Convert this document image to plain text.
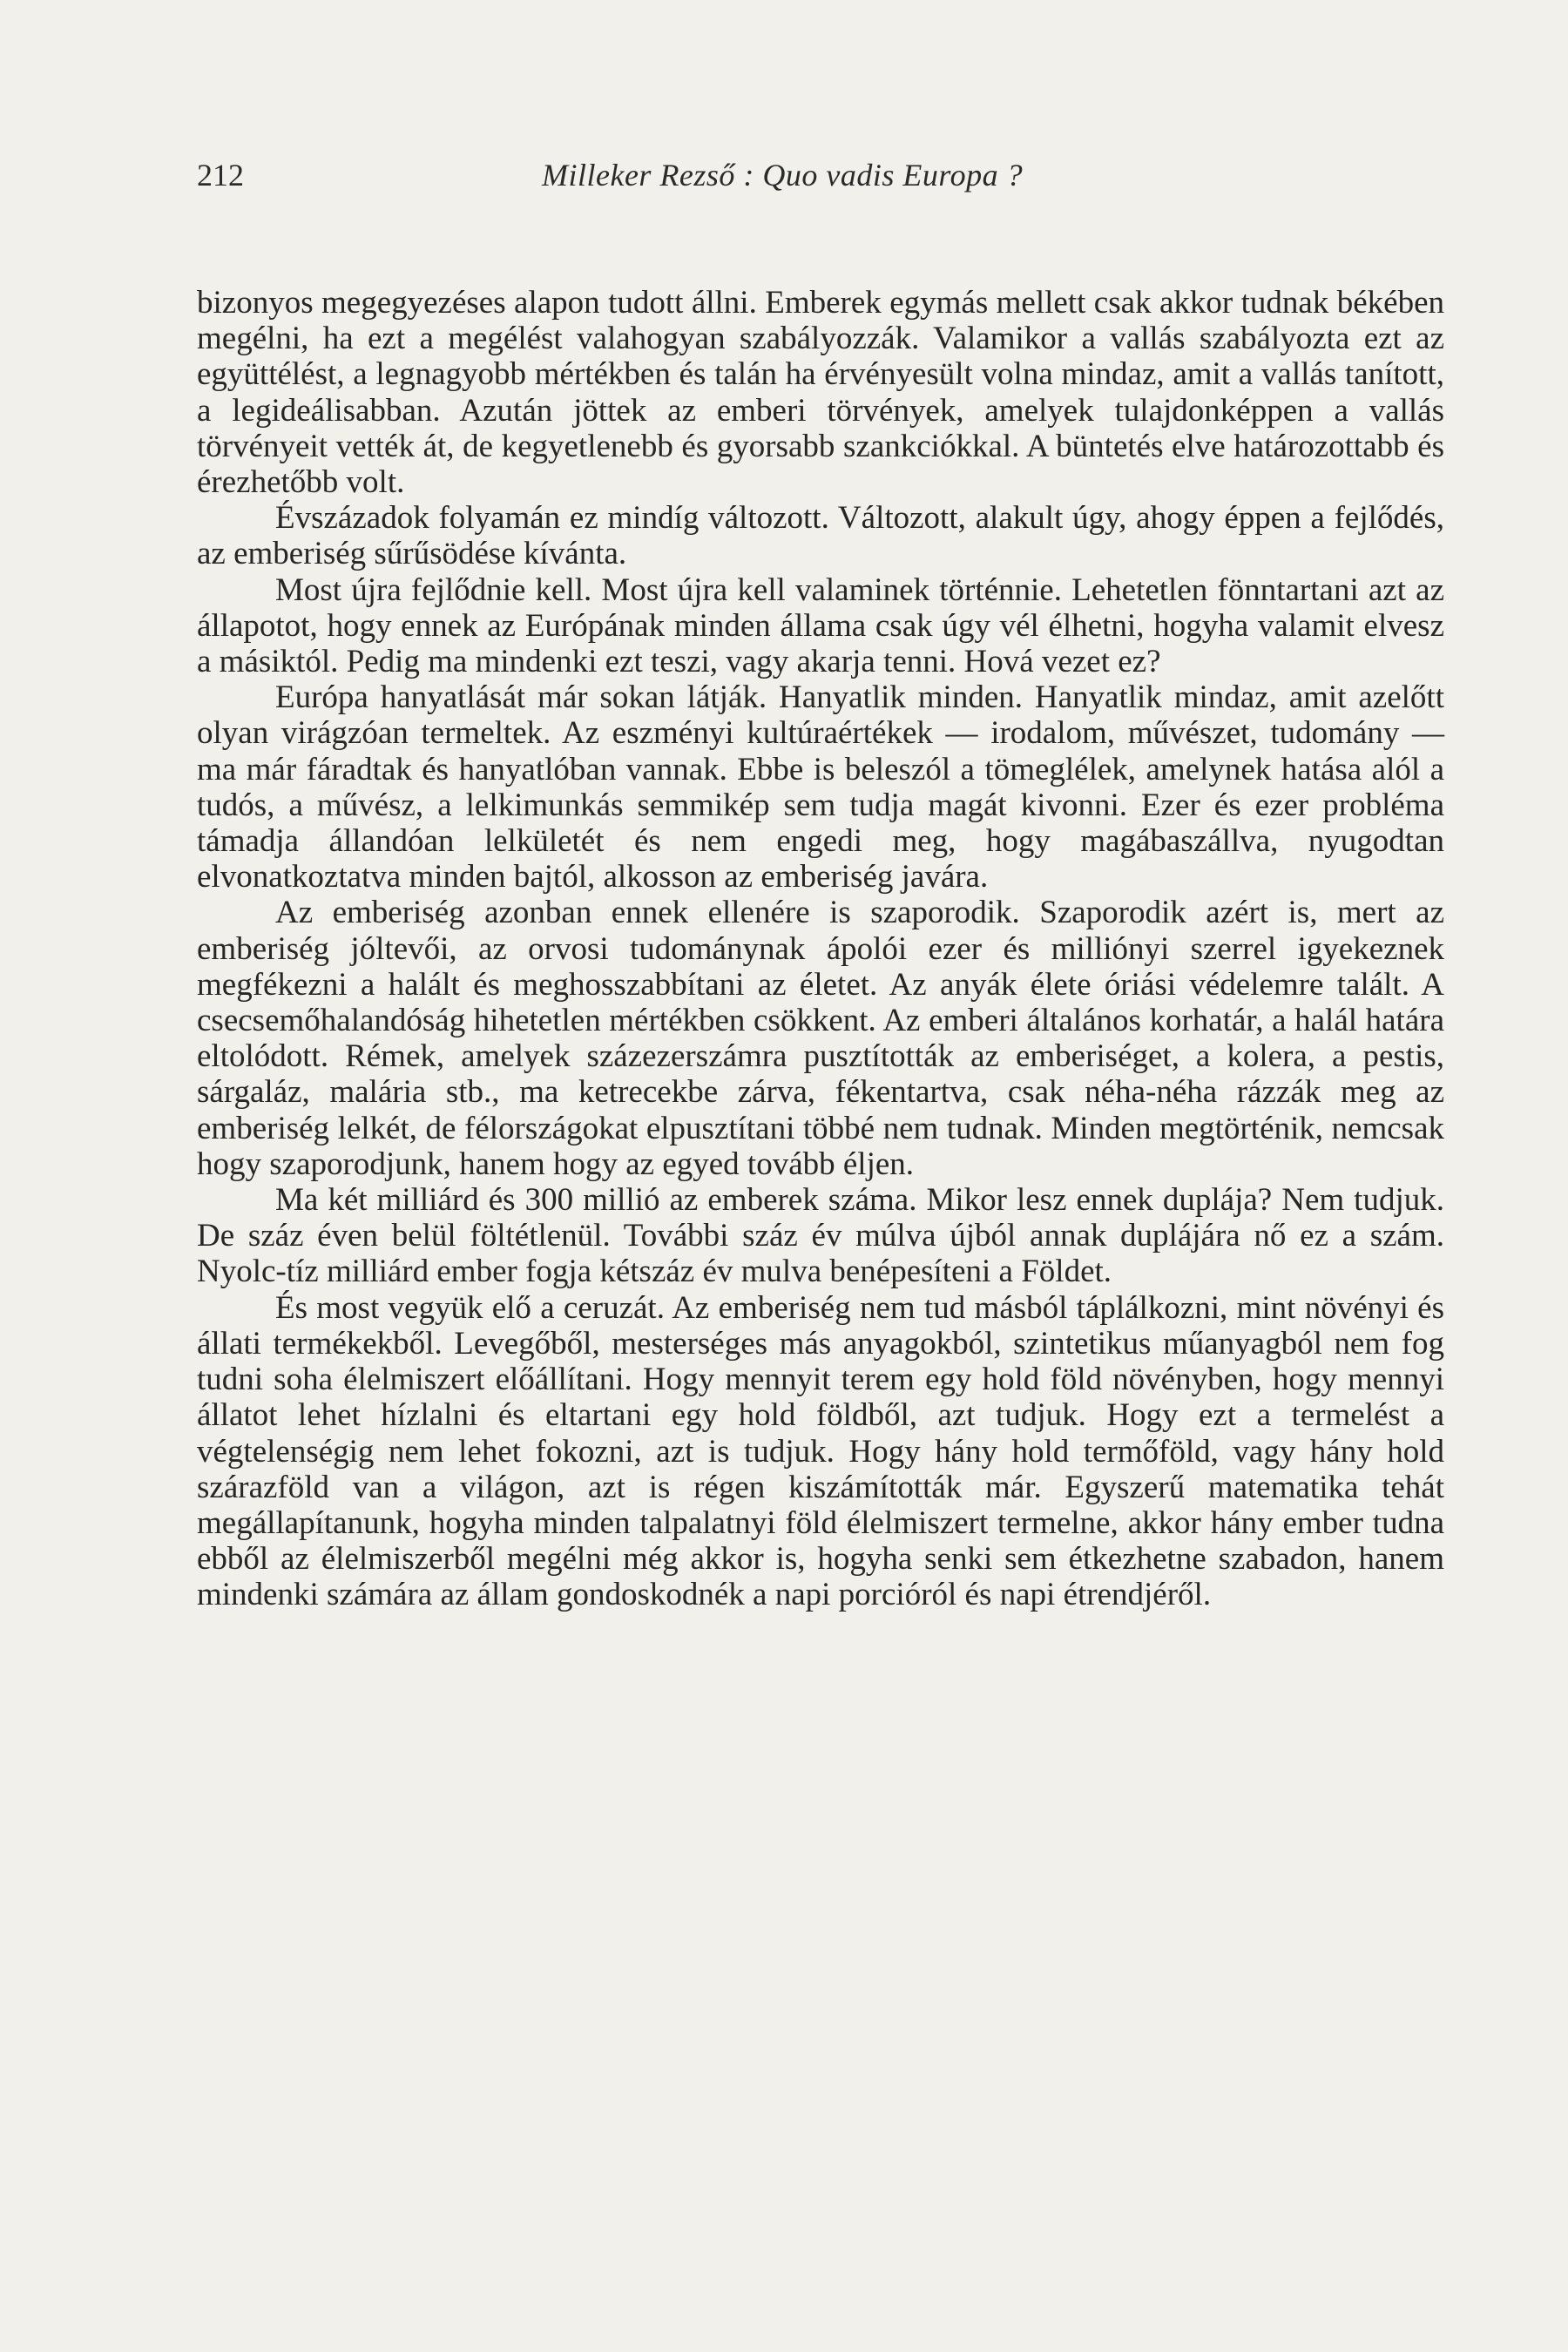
212	Milleker Rezső : Quo vadis Europa ?

bizonyos megegyezéses alapon tudott állni. Emberek egymás mellett csak akkor tudnak békében megélni, ha ezt a megélést valahogyan szabályozzák. Valamikor a vallás szabályozta ezt az együttélést, a legnagyobb mértékben és talán ha érvényesült volna mindaz, amit a vallás tanított, a legideálisabban. Azután jöttek az emberi törvények, amelyek tulajdonképpen a vallás törvényeit vették át, de kegyetlenebb és gyorsabb szankciókkal. A büntetés elve határozottabb és érezhetőbb volt.

Évszázadok folyamán ez mindíg változott. Változott, alakult úgy, ahogy éppen a fejlődés, az emberiség sűrűsödése kívánta.

Most újra fejlődnie kell. Most újra kell valaminek történnie. Lehetetlen fönntartani azt az állapotot, hogy ennek az Európának minden állama csak úgy vél élhetni, hogyha valamit elvesz a másiktól. Pedig ma mindenki ezt teszi, vagy akarja tenni. Hová vezet ez?

Európa hanyatlását már sokan látják. Hanyatlik minden. Hanyatlik mindaz, amit azelőtt olyan virágzóan termeltek. Az eszményi kultúraértékek — irodalom, művészet, tudomány — ma már fáradtak és hanyatlóban vannak. Ebbe is beleszól a tömeglélek, amelynek hatása alól a tudós, a művész, a lelkimunkás semmikép sem tudja magát kivonni. Ezer és ezer probléma támadja állandóan lelkületét és nem engedi meg, hogy magábaszállva, nyugodtan elvonatkoztatva minden bajtól, alkosson az emberiség javára.

Az emberiség azonban ennek ellenére is szaporodik. Szaporodik azért is, mert az emberiség jóltevői, az orvosi tudománynak ápolói ezer és milliónyi szerrel igyekeznek megfékezni a halált és meghosszabbítani az életet. Az anyák élete óriási védelemre talált. A csecsemőhalandóság hihetetlen mértékben csökkent. Az emberi általános korhatár, a halál határa eltolódott. Rémek, amelyek százezerszámra pusztították az emberiséget, a kolera, a pestis, sárgaláz, malária stb., ma ketrecekbe zárva, fékentartva, csak néha-néha rázzák meg az emberiség lelkét, de félországokat elpusztítani többé nem tudnak. Minden megtörténik, nemcsak hogy szaporodjunk, hanem hogy az egyed tovább éljen.

Ma két milliárd és 300 millió az emberek száma. Mikor lesz ennek duplája? Nem tudjuk. De száz éven belül föltétlenül. További száz év múlva újból annak duplájára nő ez a szám. Nyolc-tíz milliárd ember fogja kétszáz év mulva benépesíteni a Földet.

És most vegyük elő a ceruzát. Az emberiség nem tud másból táplálkozni, mint növényi és állati termékekből. Levegőből, mesterséges más anyagokból, szintetikus műanyagból nem fog tudni soha élelmiszert előállítani. Hogy mennyit terem egy hold föld növényben, hogy mennyi állatot lehet hízlalni és eltartani egy hold földből, azt tudjuk. Hogy ezt a termelést a végtelenségig nem lehet fokozni, azt is tudjuk. Hogy hány hold termőföld, vagy hány hold szárazföld van a világon, azt is régen kiszámították már. Egyszerű matematika tehát megállapítanunk, hogyha minden talpalatnyi föld élelmiszert termelne, akkor hány ember tudna ebből az élelmiszerből megélni még akkor is, hogyha senki sem étkezhetne szabadon, hanem mindenki számára az állam gondoskodnék a napi porcióról és napi étrendjéről.
